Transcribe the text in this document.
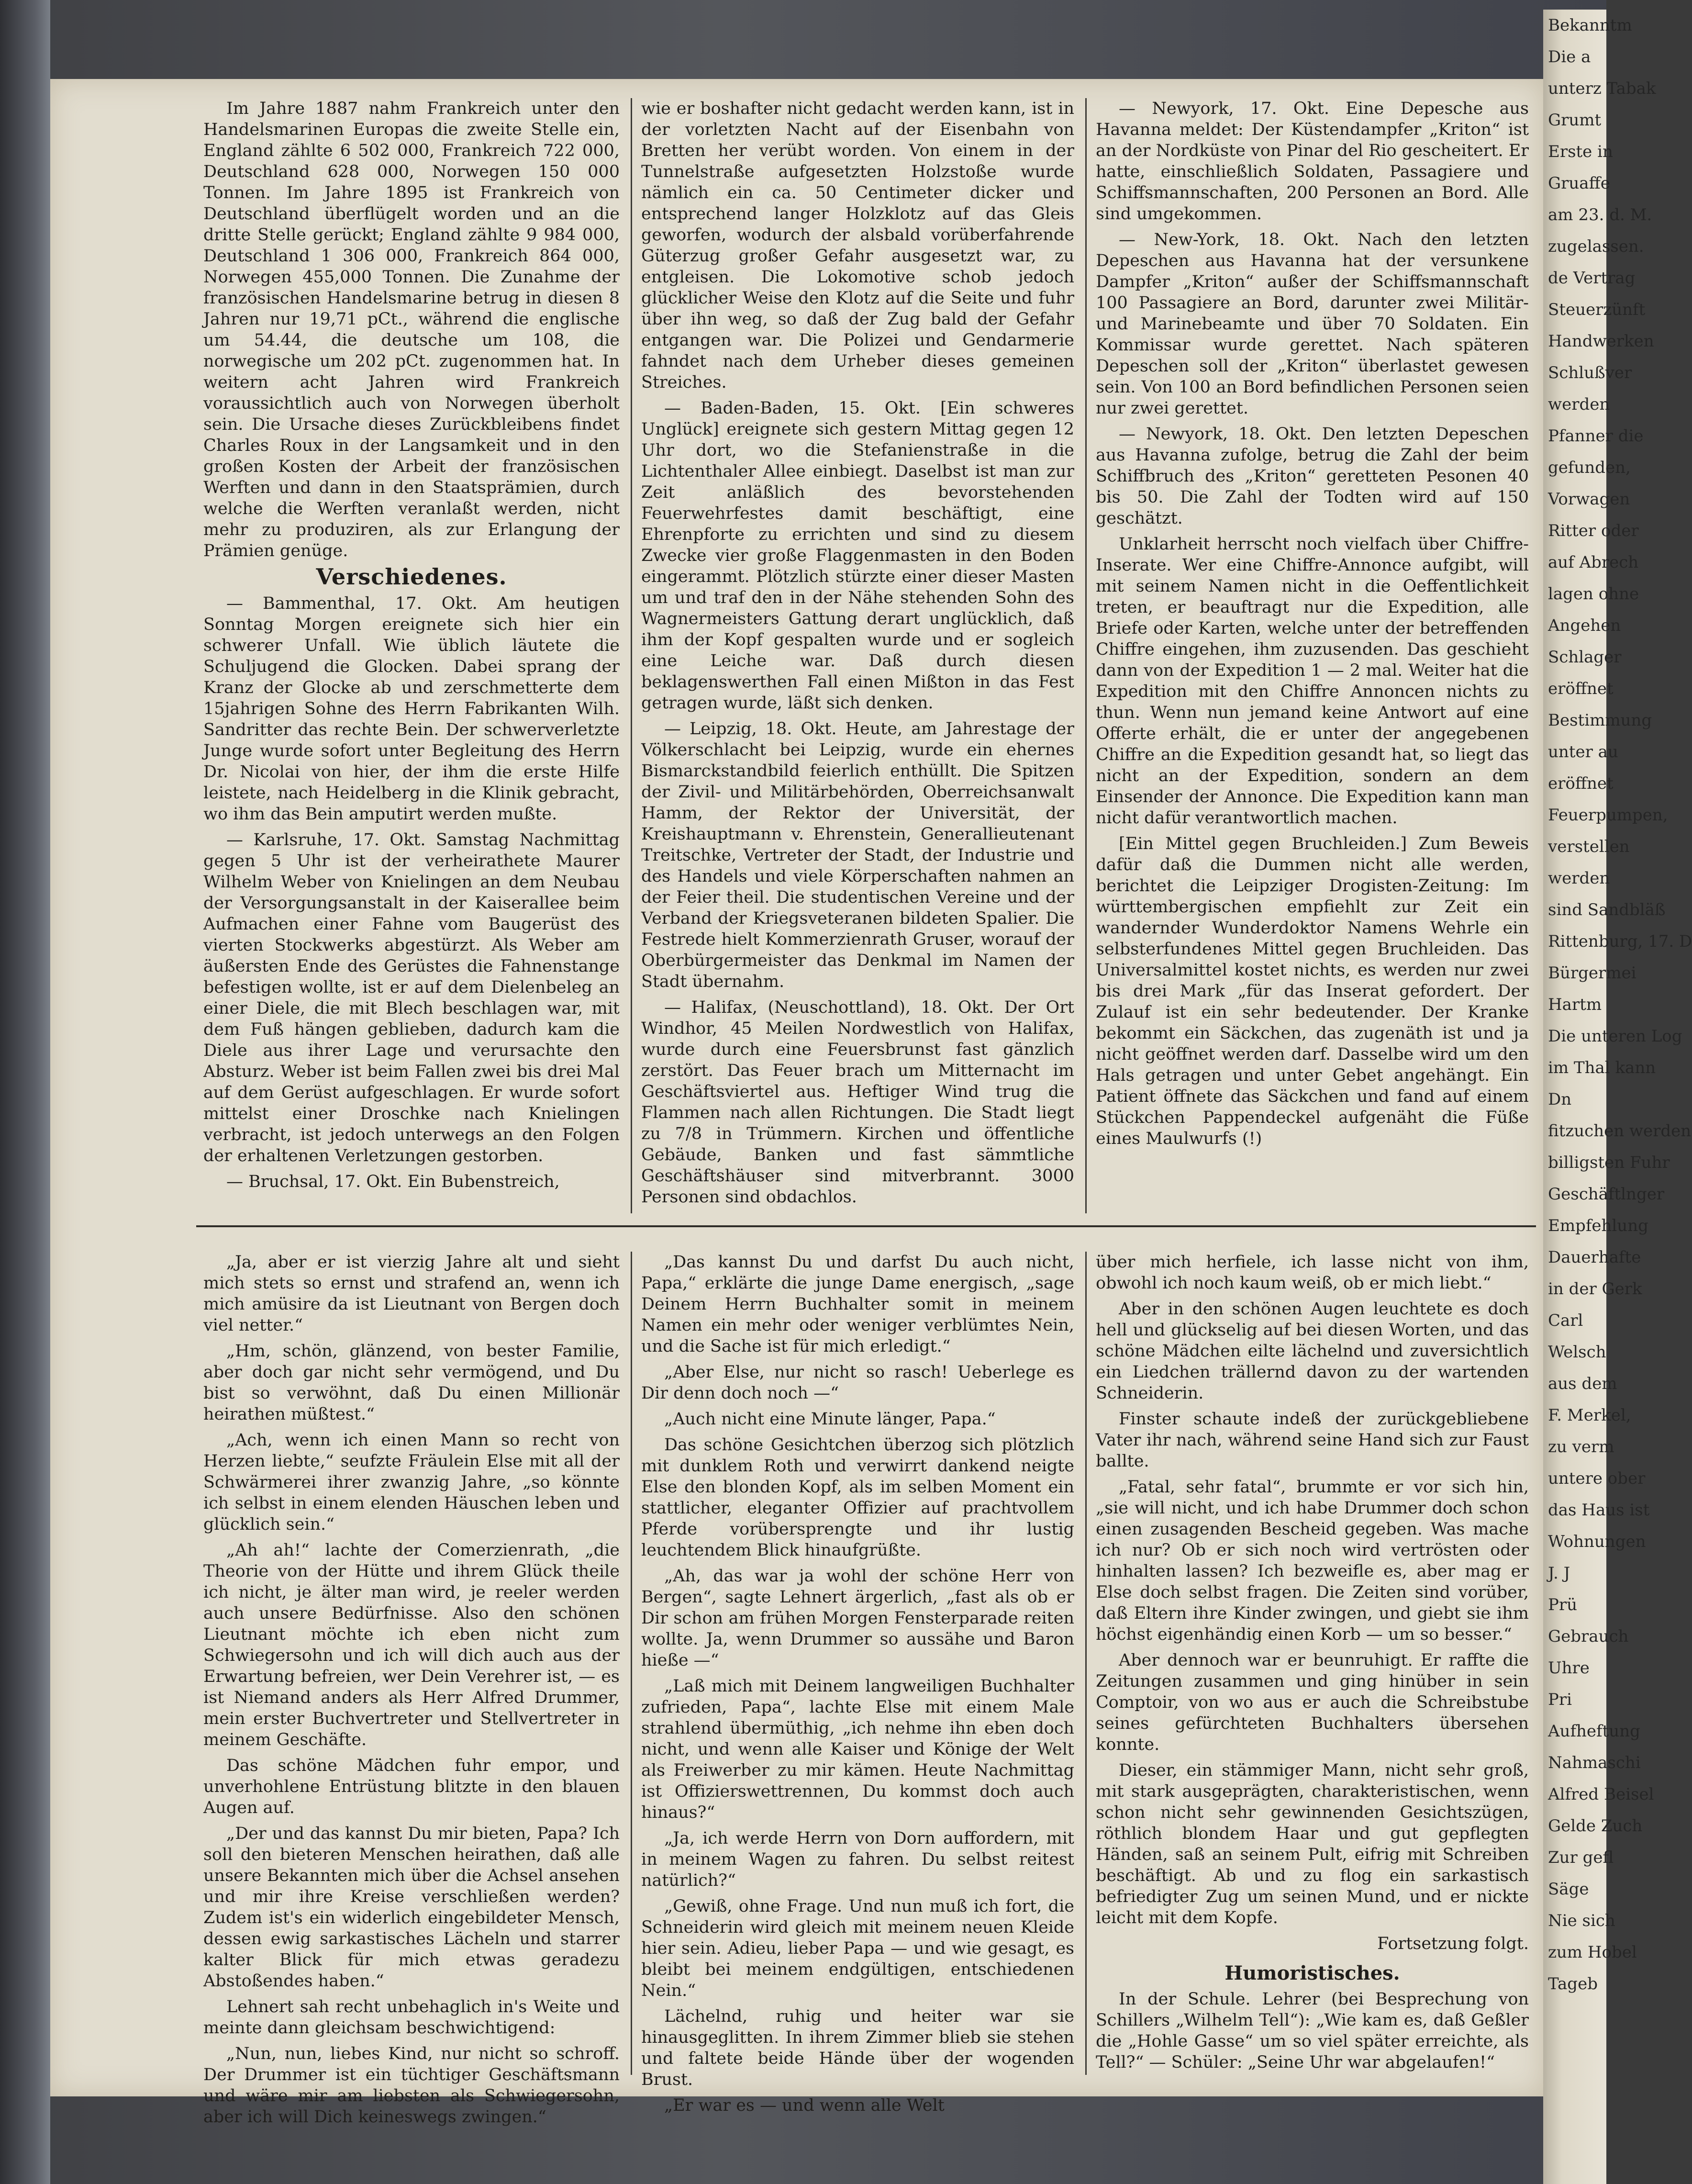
Im Jahre 1887 nahm Frankreich unter den Handelsmarinen Europas die zweite Stelle ein, England zählte 6 502 000, Frankreich 722 000, Deutschland 628 000, Norwegen 150 000 Tonnen. Im Jahre 1895 ist Frankreich von Deutschland überflügelt worden und an die dritte Stelle gerückt; England zählte 9 984 000, Deutschland 1 306 000, Frankreich 864 000, Norwegen 455,000 Tonnen. Die Zunahme der französischen Handelsmarine betrug in diesen 8 Jahren nur 19,71 pCt., während die englische um 54.44, die deutsche um 108, die norwegische um 202 pCt. zugenommen hat. In weitern acht Jahren wird Frankreich voraussichtlich auch von Norwegen überholt sein. Die Ursache dieses Zurückbleibens findet Charles Roux in der Langsamkeit und in den großen Kosten der Arbeit der französischen Werften und dann in den Staatsprämien, durch welche die Werften veranlaßt werden, nicht mehr zu produziren, als zur Erlangung der Prämien genüge.

Verschiedenes.

— Bammenthal, 17. Okt. Am heutigen Sonntag Morgen ereignete sich hier ein schwerer Unfall. Wie üblich läutete die Schuljugend die Glocken. Dabei sprang der Kranz der Glocke ab und zerschmetterte dem 15jahrigen Sohne des Herrn Fabrikanten Wilh. Sandritter das rechte Bein. Der schwerverletzte Junge wurde sofort unter Begleitung des Herrn Dr. Nicolai von hier, der ihm die erste Hilfe leistete, nach Heidelberg in die Klinik gebracht, wo ihm das Bein amputirt werden mußte.

— Karlsruhe, 17. Okt. Samstag Nachmittag gegen 5 Uhr ist der verheirathete Maurer Wilhelm Weber von Knielingen an dem Neubau der Versorgungsanstalt in der Kaiserallee beim Aufmachen einer Fahne vom Baugerüst des vierten Stockwerks abgestürzt. Als Weber am äußersten Ende des Gerüstes die Fahnenstange befestigen wollte, ist er auf dem Dielenbeleg an einer Diele, die mit Blech beschlagen war, mit dem Fuß hängen geblieben, dadurch kam die Diele aus ihrer Lage und verursachte den Absturz. Weber ist beim Fallen zwei bis drei Mal auf dem Gerüst aufgeschlagen. Er wurde sofort mittelst einer Droschke nach Knielingen verbracht, ist jedoch unterwegs an den Folgen der erhaltenen Verletzungen gestorben.

— Bruchsal, 17. Okt. Ein Bubenstreich,

wie er boshafter nicht gedacht werden kann, ist in der vorletzten Nacht auf der Eisenbahn von Bretten her verübt worden. Von einem in der Tunnelstraße aufgesetzten Holzstoße wurde nämlich ein ca. 50 Centimeter dicker und entsprechend langer Holzklotz auf das Gleis geworfen, wodurch der alsbald vorüberfahrende Güterzug großer Gefahr ausgesetzt war, zu entgleisen. Die Lokomotive schob jedoch glücklicher Weise den Klotz auf die Seite und fuhr über ihn weg, so daß der Zug bald der Gefahr entgangen war. Die Polizei und Gendarmerie fahndet nach dem Urheber dieses gemeinen Streiches.

— Baden-Baden, 15. Okt. [Ein schweres Unglück] ereignete sich gestern Mittag gegen 12 Uhr dort, wo die Stefanienstraße in die Lichtenthaler Allee einbiegt. Daselbst ist man zur Zeit anläßlich des bevorstehenden Feuerwehrfestes damit beschäftigt, eine Ehrenpforte zu errichten und sind zu diesem Zwecke vier große Flaggenmasten in den Boden eingerammt. Plötzlich stürzte einer dieser Masten um und traf den in der Nähe stehenden Sohn des Wagnermeisters Gattung derart unglücklich, daß ihm der Kopf gespalten wurde und er sogleich eine Leiche war. Daß durch diesen beklagenswerthen Fall einen Mißton in das Fest getragen wurde, läßt sich denken.

— Leipzig, 18. Okt. Heute, am Jahrestage der Völkerschlacht bei Leipzig, wurde ein ehernes Bismarckstandbild feierlich enthüllt. Die Spitzen der Zivil- und Militärbehörden, Oberreichsanwalt Hamm, der Rektor der Universität, der Kreishauptmann v. Ehrenstein, Generallieutenant Treitschke, Vertreter der Stadt, der Industrie und des Handels und viele Körperschaften nahmen an der Feier theil. Die studentischen Vereine und der Verband der Kriegsveteranen bildeten Spalier. Die Festrede hielt Kommerzienrath Gruser, worauf der Oberbürgermeister das Denkmal im Namen der Stadt übernahm.

— Halifax, (Neuschottland), 18. Okt. Der Ort Windhor, 45 Meilen Nordwestlich von Halifax, wurde durch eine Feuersbrunst fast gänzlich zerstört. Das Feuer brach um Mitternacht im Geschäftsviertel aus. Heftiger Wind trug die Flammen nach allen Richtungen. Die Stadt liegt zu 7/8 in Trümmern. Kirchen und öffentliche Gebäude, Banken und fast sämmtliche Geschäftshäuser sind mitverbrannt. 3000 Personen sind obdachlos.

— Newyork, 17. Okt. Eine Depesche aus Havanna meldet: Der Küstendampfer „Kriton“ ist an der Nordküste von Pinar del Rio gescheitert. Er hatte, einschließlich Soldaten, Passagiere und Schiffsmannschaften, 200 Personen an Bord. Alle sind umgekommen.

— New-York, 18. Okt. Nach den letzten Depeschen aus Havanna hat der versunkene Dampfer „Kriton“ außer der Schiffsmannschaft 100 Passagiere an Bord, darunter zwei Militär- und Marinebeamte und über 70 Soldaten. Ein Kommissar wurde gerettet. Nach späteren Depeschen soll der „Kriton“ überlastet gewesen sein. Von 100 an Bord befindlichen Personen seien nur zwei gerettet.

— Newyork, 18. Okt. Den letzten Depeschen aus Havanna zufolge, betrug die Zahl der beim Schiffbruch des „Kriton“ geretteten Pesonen 40 bis 50. Die Zahl der Todten wird auf 150 geschätzt.

Unklarheit herrscht noch vielfach über Chiffre-Inserate. Wer eine Chiffre-Annonce aufgibt, will mit seinem Namen nicht in die Oeffentlichkeit treten, er beauftragt nur die Expedition, alle Briefe oder Karten, welche unter der betreffenden Chiffre eingehen, ihm zuzusenden. Das geschieht dann von der Expedition 1 — 2 mal. Weiter hat die Expedition mit den Chiffre Annoncen nichts zu thun. Wenn nun jemand keine Antwort auf eine Offerte erhält, die er unter der angegebenen Chiffre an die Expedition gesandt hat, so liegt das nicht an der Expedition, sondern an dem Einsender der Annonce. Die Expedition kann man nicht dafür verantwortlich machen.

[Ein Mittel gegen Bruchleiden.] Zum Beweis dafür daß die Dummen nicht alle werden, berichtet die Leipziger Drogisten-Zeitung: Im württembergischen empfiehlt zur Zeit ein wandernder Wunderdoktor Namens Wehrle ein selbsterfundenes Mittel gegen Bruchleiden. Das Universalmittel kostet nichts, es werden nur zwei bis drei Mark „für das Inserat gefordert. Der Zulauf ist ein sehr bedeutender. Der Kranke bekommt ein Säckchen, das zugenäth ist und ja nicht geöffnet werden darf. Dasselbe wird um den Hals getragen und unter Gebet angehängt. Ein Patient öffnete das Säckchen und fand auf einem Stückchen Pappendeckel aufgenäht die Füße eines Maulwurfs (!)

„Ja, aber er ist vierzig Jahre alt und sieht mich stets so ernst und strafend an, wenn ich mich amüsire da ist Lieutnant von Bergen doch viel netter.“

„Hm, schön, glänzend, von bester Familie, aber doch gar nicht sehr vermögend, und Du bist so verwöhnt, daß Du einen Millionär heirathen müßtest.“

„Ach, wenn ich einen Mann so recht von Herzen liebte,“ seufzte Fräulein Else mit all der Schwärmerei ihrer zwanzig Jahre, „so könnte ich selbst in einem elenden Häuschen leben und glücklich sein.“

„Ah ah!“ lachte der Comerzienrath, „die Theorie von der Hütte und ihrem Glück theile ich nicht, je älter man wird, je reeler werden auch unsere Bedürfnisse. Also den schönen Lieutnant möchte ich eben nicht zum Schwiegersohn und ich will dich auch aus der Erwartung befreien, wer Dein Verehrer ist, — es ist Niemand anders als Herr Alfred Drummer, mein erster Buchvertreter und Stellvertreter in meinem Geschäfte.

Das schöne Mädchen fuhr empor, und unverhohlene Entrüstung blitzte in den blauen Augen auf.

„Der und das kannst Du mir bieten, Papa? Ich soll den bieteren Menschen heirathen, daß alle unsere Bekannten mich über die Achsel ansehen und mir ihre Kreise verschließen werden? Zudem ist's ein widerlich eingebildeter Mensch, dessen ewig sarkastisches Lächeln und starrer kalter Blick für mich etwas geradezu Abstoßendes haben.“

Lehnert sah recht unbehaglich in's Weite und meinte dann gleichsam beschwichtigend:

„Nun, nun, liebes Kind, nur nicht so schroff. Der Drummer ist ein tüchtiger Geschäftsmann und wäre mir am liebsten als Schwiegersohn, aber ich will Dich keineswegs zwingen.“

„Das kannst Du und darfst Du auch nicht, Papa,“ erklärte die junge Dame energisch, „sage Deinem Herrn Buchhalter somit in meinem Namen ein mehr oder weniger verblümtes Nein, und die Sache ist für mich erledigt.“

„Aber Else, nur nicht so rasch! Ueberlege es Dir denn doch noch —“

„Auch nicht eine Minute länger, Papa.“

Das schöne Gesichtchen überzog sich plötzlich mit dunklem Roth und verwirrt dankend neigte Else den blonden Kopf, als im selben Moment ein stattlicher, eleganter Offizier auf prachtvollem Pferde vorübersprengte und ihr lustig leuchtendem Blick hinaufgrüßte.

„Ah, das war ja wohl der schöne Herr von Bergen“, sagte Lehnert ärgerlich, „fast als ob er Dir schon am frühen Morgen Fensterparade reiten wollte. Ja, wenn Drummer so aussähe und Baron hieße —“

„Laß mich mit Deinem langweiligen Buchhalter zufrieden, Papa“, lachte Else mit einem Male strahlend übermüthig, „ich nehme ihn eben doch nicht, und wenn alle Kaiser und Könige der Welt als Freiwerber zu mir kämen. Heute Nachmittag ist Offizierswettrennen, Du kommst doch auch hinaus?“

„Ja, ich werde Herrn von Dorn auffordern, mit in meinem Wagen zu fahren. Du selbst reitest natürlich?“

„Gewiß, ohne Frage. Und nun muß ich fort, die Schneiderin wird gleich mit meinem neuen Kleide hier sein. Adieu, lieber Papa — und wie gesagt, es bleibt bei meinem endgültigen, entschiedenen Nein.“

Lächelnd, ruhig und heiter war sie hinausgeglitten. In ihrem Zimmer blieb sie stehen und faltete beide Hände über der wogenden Brust.

„Er war es — und wenn alle Welt

über mich herfiele, ich lasse nicht von ihm, obwohl ich noch kaum weiß, ob er mich liebt.“

Aber in den schönen Augen leuchtete es doch hell und glückselig auf bei diesen Worten, und das schöne Mädchen eilte lächelnd und zuversichtlich ein Liedchen trällernd davon zu der wartenden Schneiderin.

Finster schaute indeß der zurückgebliebene Vater ihr nach, während seine Hand sich zur Faust ballte.

„Fatal, sehr fatal“, brummte er vor sich hin, „sie will nicht, und ich habe Drummer doch schon einen zusagenden Bescheid gegeben. Was mache ich nur? Ob er sich noch wird vertrösten oder hinhalten lassen? Ich bezweifle es, aber mag er Else doch selbst fragen. Die Zeiten sind vorüber, daß Eltern ihre Kinder zwingen, und giebt sie ihm höchst eigenhändig einen Korb — um so besser.“

Aber dennoch war er beunruhigt. Er raffte die Zeitungen zusammen und ging hinüber in sein Comptoir, von wo aus er auch die Schreibstube seines gefürchteten Buchhalters übersehen konnte.

Dieser, ein stämmiger Mann, nicht sehr groß, mit stark ausgeprägten, charakteristischen, wenn schon nicht sehr gewinnenden Gesichtszügen, röthlich blondem Haar und gut gepflegten Händen, saß an seinem Pult, eifrig mit Schreiben beschäftigt. Ab und zu flog ein sarkastisch befriedigter Zug um seinen Mund, und er nickte leicht mit dem Kopfe.

Fortsetzung folgt.

Humoristisches.

In der Schule. Lehrer (bei Besprechung von Schillers „Wilhelm Tell“): „Wie kam es, daß Geßler die „Hohle Gasse“ um so viel später erreichte, als Tell?“ — Schüler: „Seine Uhr war abgelaufen!“

Bekanntm
Die a
unterz Tabak
Grumt
Erste in
Gruaffe
am 23. d. M.
zugelassen.
de Vertrag
Steuerzünft
Handwerken
Schlußver
werden
Pfanner die
gefunden,
Vorwagen
Ritter oder
auf Abrech
lagen ohne
Angehen
Schlager
eröffnet
Bestimmung
unter au
eröffnet
Feuerpumpen,
verstellen
werden
sind Sandbläß
Rittenburg, 17. D
Bürgermei
Hartm
Die unteren Log
im Thal kann
Dn
fitzuchen werden
billigsten Fuhr
Geschäftlnger
Empfehlung
Dauerhafte
in der Gerk
Carl
Welsch
aus dem
F. Merkel,
zu verm
untere ober
das Haus ist
Wohnungen
J. J
Prü
Gebrauch
Uhre
Pri
Aufheftung
Nahmaschi
Alfred Beisel
Gelde Zuch
Zur gefl
Säge
Nie sich
zum Hobel
Tageb
